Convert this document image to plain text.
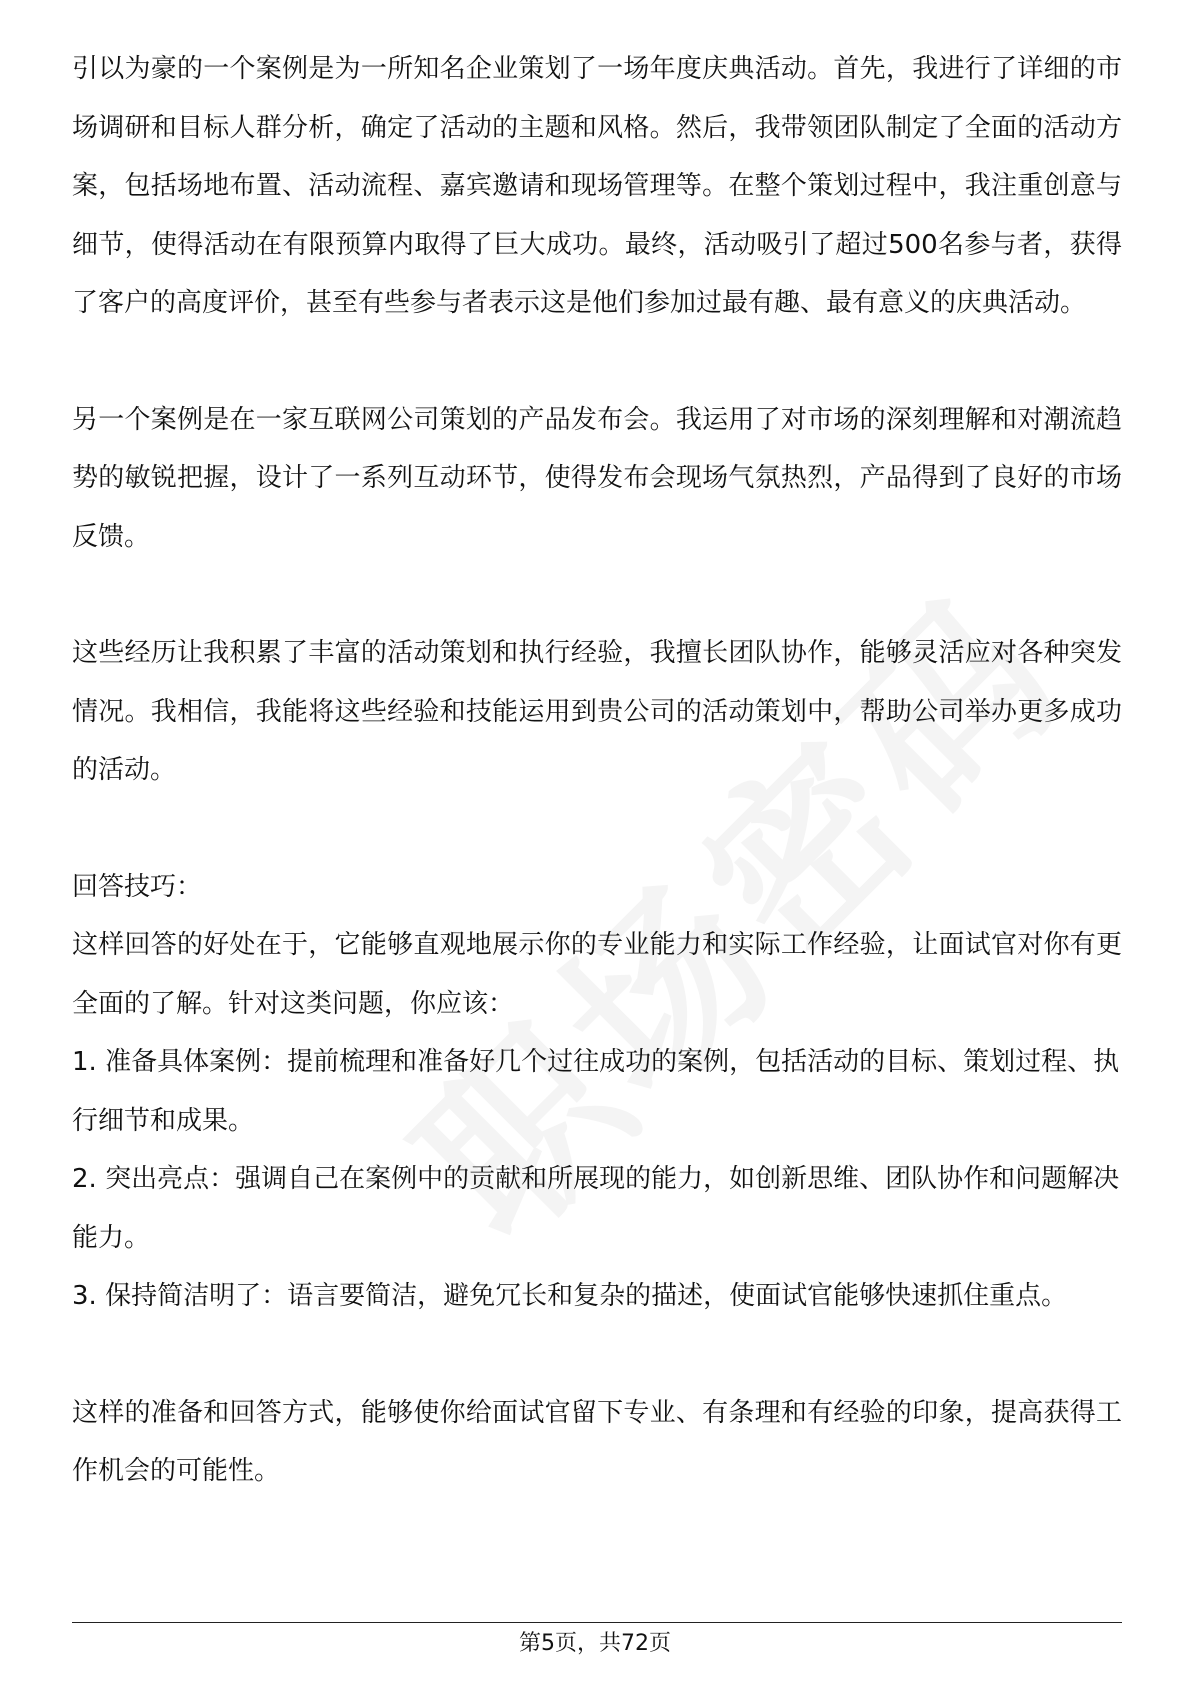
引以为豪的一个案例是为一所知名企业策划了一场年度庆典活动。首先，我进行了详细的市场调研和目标人群分析，确定了活动的主题和风格。然后，我带领团队制定了全面的活动方案，包括场地布置、活动流程、嘉宾邀请和现场管理等。在整个策划过程中，我注重创意与细节，使得活动在有限预算内取得了巨大成功。最终，活动吸引了超过500名参与者，获得了客户的高度评价，甚至有些参与者表示这是他们参加过最有趣、最有意义的庆典活动。

另一个案例是在一家互联网公司策划的产品发布会。我运用了对市场的深刻理解和对潮流趋势的敏锐把握，设计了一系列互动环节，使得发布会现场气氛热烈，产品得到了良好的市场反馈。

这些经历让我积累了丰富的活动策划和执行经验，我擅长团队协作，能够灵活应对各种突发情况。我相信，我能将这些经验和技能运用到贵公司的活动策划中，帮助公司举办更多成功的活动。

回答技巧：

这样回答的好处在于，它能够直观地展示你的专业能力和实际工作经验，让面试官对你有更全面的了解。针对这类问题，你应该：

1. 准备具体案例：提前梳理和准备好几个过往成功的案例，包括活动的目标、策划过程、执行细节和成果。

2. 突出亮点：强调自己在案例中的贡献和所展现的能力，如创新思维、团队协作和问题解决能力。

3. 保持简洁明了：语言要简洁，避免冗长和复杂的描述，使面试官能够快速抓住重点。

这样的准备和回答方式，能够使你给面试官留下专业、有条理和有经验的印象，提高获得工作机会的可能性。

第5页，共72页
